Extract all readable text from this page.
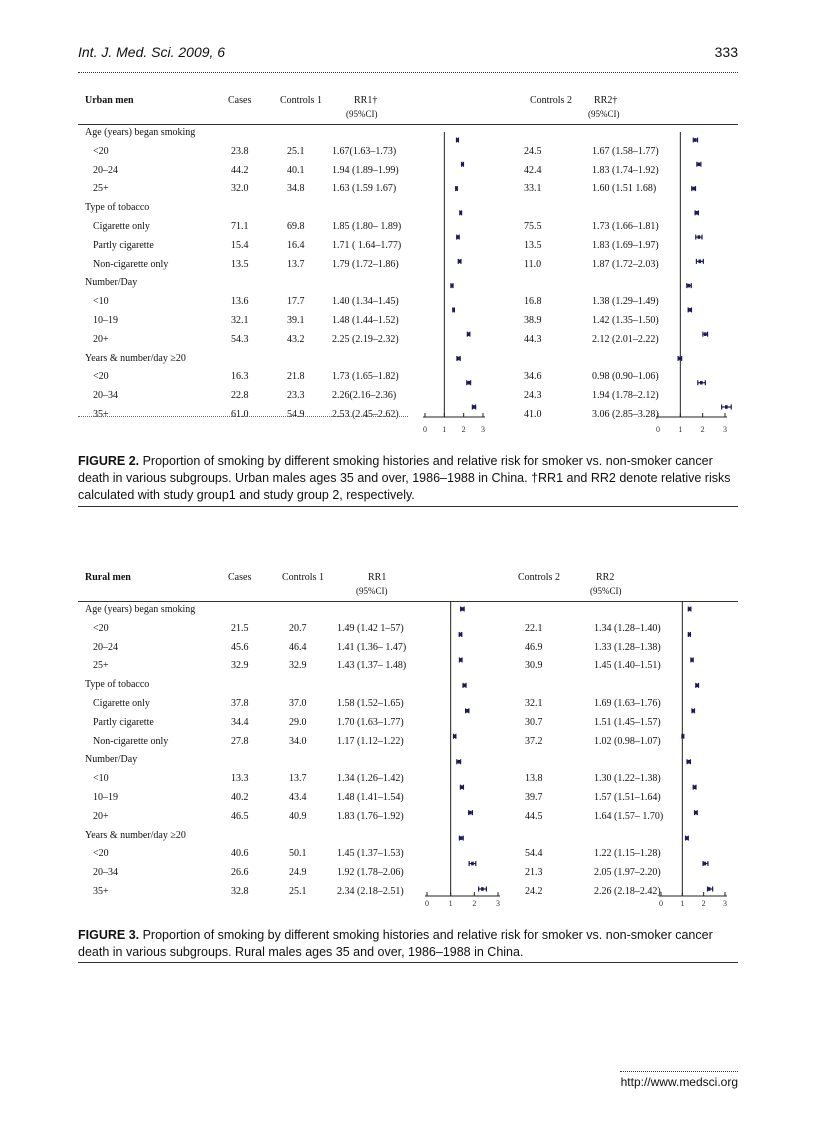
Int. J. Med. Sci. 2009, 6	333
Urban men	Cases	Controls 1	RR1†	Controls 2 RR2†
(95%CI)	(95%CI)
Age (years) began smoking
<20	23.8	25.1	1.67(1.63–1.73)	24.5	1.67 (1.58–1.77)
20–24	44.2	40.1	1.94 (1.89–1.99)	42.4	1.83 (1.74–1.92)
25+	32.0	34.8	1.63 (1.59 1.67)	33.1	1.60 (1.51 1.68)
Type of tobacco
Cigarette only	71.1	69.8	1.85 (1.80– 1.89)	75.5	1.73 (1.66–1.81)
Partly cigarette	15.4	16.4	1.71 ( 1.64–1.77)	13.5	1.83 (1.69–1.97)
Non-cigarette only	13.5	13.7	1.79 (1.72–1.86)	11.0	1.87 (1.72–2.03)
Number/Day
<10	13.6	17.7	1.40 (1.34–1.45)	16.8	1.38 (1.29–1.49)
10–19	32.1	39.1	1.48 (1.44–1.52)	38.9	1.42 (1.35–1.50)
20+	54.3	43.2	2.25 (2.19–2.32)	44.3	2.12 (2.01–2.22)
Years & number/day ≥20
<20	16.3	21.8	1.73 (1.65–1.82)	34.6	0.98 (0.90–1.06)
20–34	22.8	23.3	2.26(2.16–2.36)	24.3	1.94 (1.78–2.12)
35+	61.0	54.9	2.53 (2.45–2.62)	41.0	3.06 (2.85–3.28)
0 1 2 3	0 1 2 3
FIGURE 2. Proportion of smoking by different smoking histories and relative risk for smoker vs. non-smoker cancer death in various subgroups. Urban males ages 35 and over, 1986–1988 in China. †RR1 and RR2 denote relative risks calculated with study group1 and study group 2, respectively.
Rural men	Cases	Controls 1	RR1	Controls 2	RR2
(95%CI)	(95%CI)
Age (years) began smoking
<20	21.5	20.7	1.49 (1.42 1–57)	22.1	1.34 (1.28–1.40)
20–24	45.6	46.4	1.41 (1.36– 1.47)	46.9	1.33 (1.28–1.38)
25+	32.9	32.9	1.43 (1.37– 1.48)	30.9	1.45 (1.40–1.51)
Type of tobacco
Cigarette only	37.8	37.0	1.58 (1.52–1.65)	32.1	1.69 (1.63–1.76)
Partly cigarette	34.4	29.0	1.70 (1.63–1.77)	30.7	1.51 (1.45–1.57)
Non-cigarette only	27.8	34.0	1.17 (1.12–1.22)	37.2	1.02 (0.98–1.07)
Number/Day
<10	13.3	13.7	1.34 (1.26–1.42)	13.8	1.30 (1.22–1.38)
10–19	40.2	43.4	1.48 (1.41–1.54)	39.7	1.57 (1.51–1.64)
20+	46.5	40.9	1.83 (1.76–1.92)	44.5	1.64 (1.57– 1.70)
Years & number/day ≥20
<20	40.6	50.1	1.45 (1.37–1.53)	54.4	1.22 (1.15–1.28)
20–34	26.6	24.9	1.92 (1.78–2.06)	21.3	2.05 (1.97–2.20)
35+	32.8	25.1	2.34 (2.18–2.51)	24.2	2.26 (2.18–2.42)
0 1 2 3	0 1 2 3
FIGURE 3. Proportion of smoking by different smoking histories and relative risk for smoker vs. non-smoker cancer death in various subgroups. Rural males ages 35 and over, 1986–1988 in China.
http://www.medsci.org
